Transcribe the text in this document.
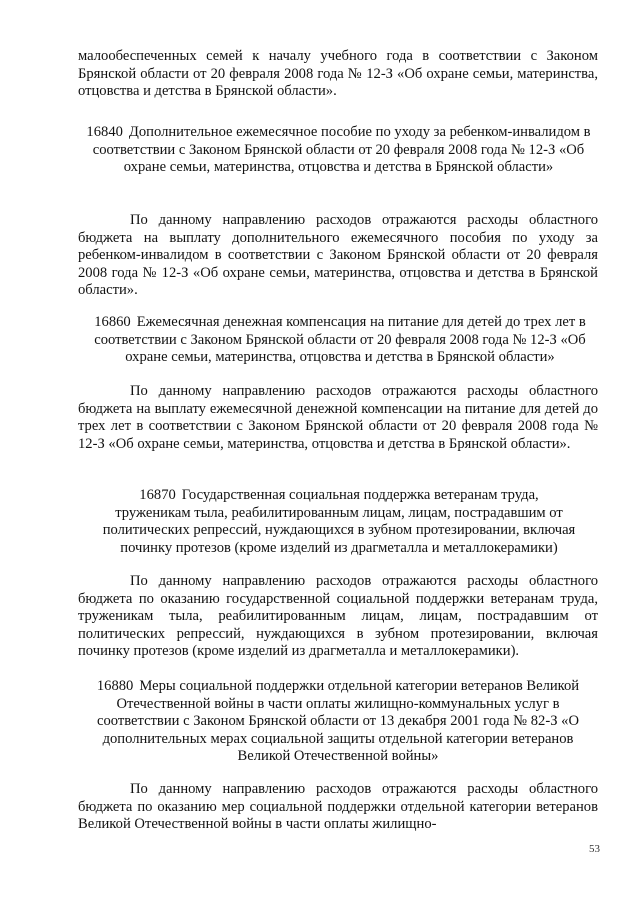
малообеспеченных семей к началу учебного года в соответствии с Законом Брянской области от 20 февраля 2008 года № 12-З «Об охране семьи, материнства, отцовства и детства в Брянской области».

16840 Дополнительное ежемесячное пособие по уходу за ребенком-инвалидом в соответствии с Законом Брянской области от 20 февраля 2008 года № 12-З «Об охране семьи, материнства, отцовства и детства в Брянской области»

По данному направлению расходов отражаются расходы областного бюджета на выплату дополнительного ежемесячного пособия по уходу за ребенком-инвалидом в соответствии с Законом Брянской области от 20 февраля 2008 года № 12-З «Об охране семьи, материнства, отцовства и детства в Брянской области».

16860 Ежемесячная денежная компенсация на питание для детей до трех лет в соответствии с Законом Брянской области от 20 февраля 2008 года № 12-З «Об охране семьи, материнства, отцовства и детства в Брянской области»

По данному направлению расходов отражаются расходы областного бюджета на выплату ежемесячной денежной компенсации на питание для детей до трех лет в соответствии с Законом Брянской области от 20 февраля 2008 года № 12-З «Об охране семьи, материнства, отцовства и детства в Брянской области».

16870 Государственная социальная поддержка ветеранам труда, труженикам тыла, реабилитированным лицам, лицам, пострадавшим от политических репрессий, нуждающихся в зубном протезировании, включая починку протезов (кроме изделий из драгметалла и металлокерамики)

По данному направлению расходов отражаются расходы областного бюджета по оказанию государственной социальной поддержки ветеранам труда, труженикам тыла, реабилитированным лицам, лицам, пострадавшим от политических репрессий, нуждающихся в зубном протезировании, включая починку протезов (кроме изделий из драгметалла и металлокерамики).

16880 Меры социальной поддержки отдельной категории ветеранов Великой Отечественной войны в части оплаты жилищно-коммунальных услуг в соответствии с Законом Брянской области от 13 декабря 2001 года № 82-З «О дополнительных мерах социальной защиты отдельной категории ветеранов Великой Отечественной войны»

По данному направлению расходов отражаются расходы областного бюджета по оказанию мер социальной поддержки отдельной категории ветеранов Великой Отечественной войны в части оплаты жилищно-

53
